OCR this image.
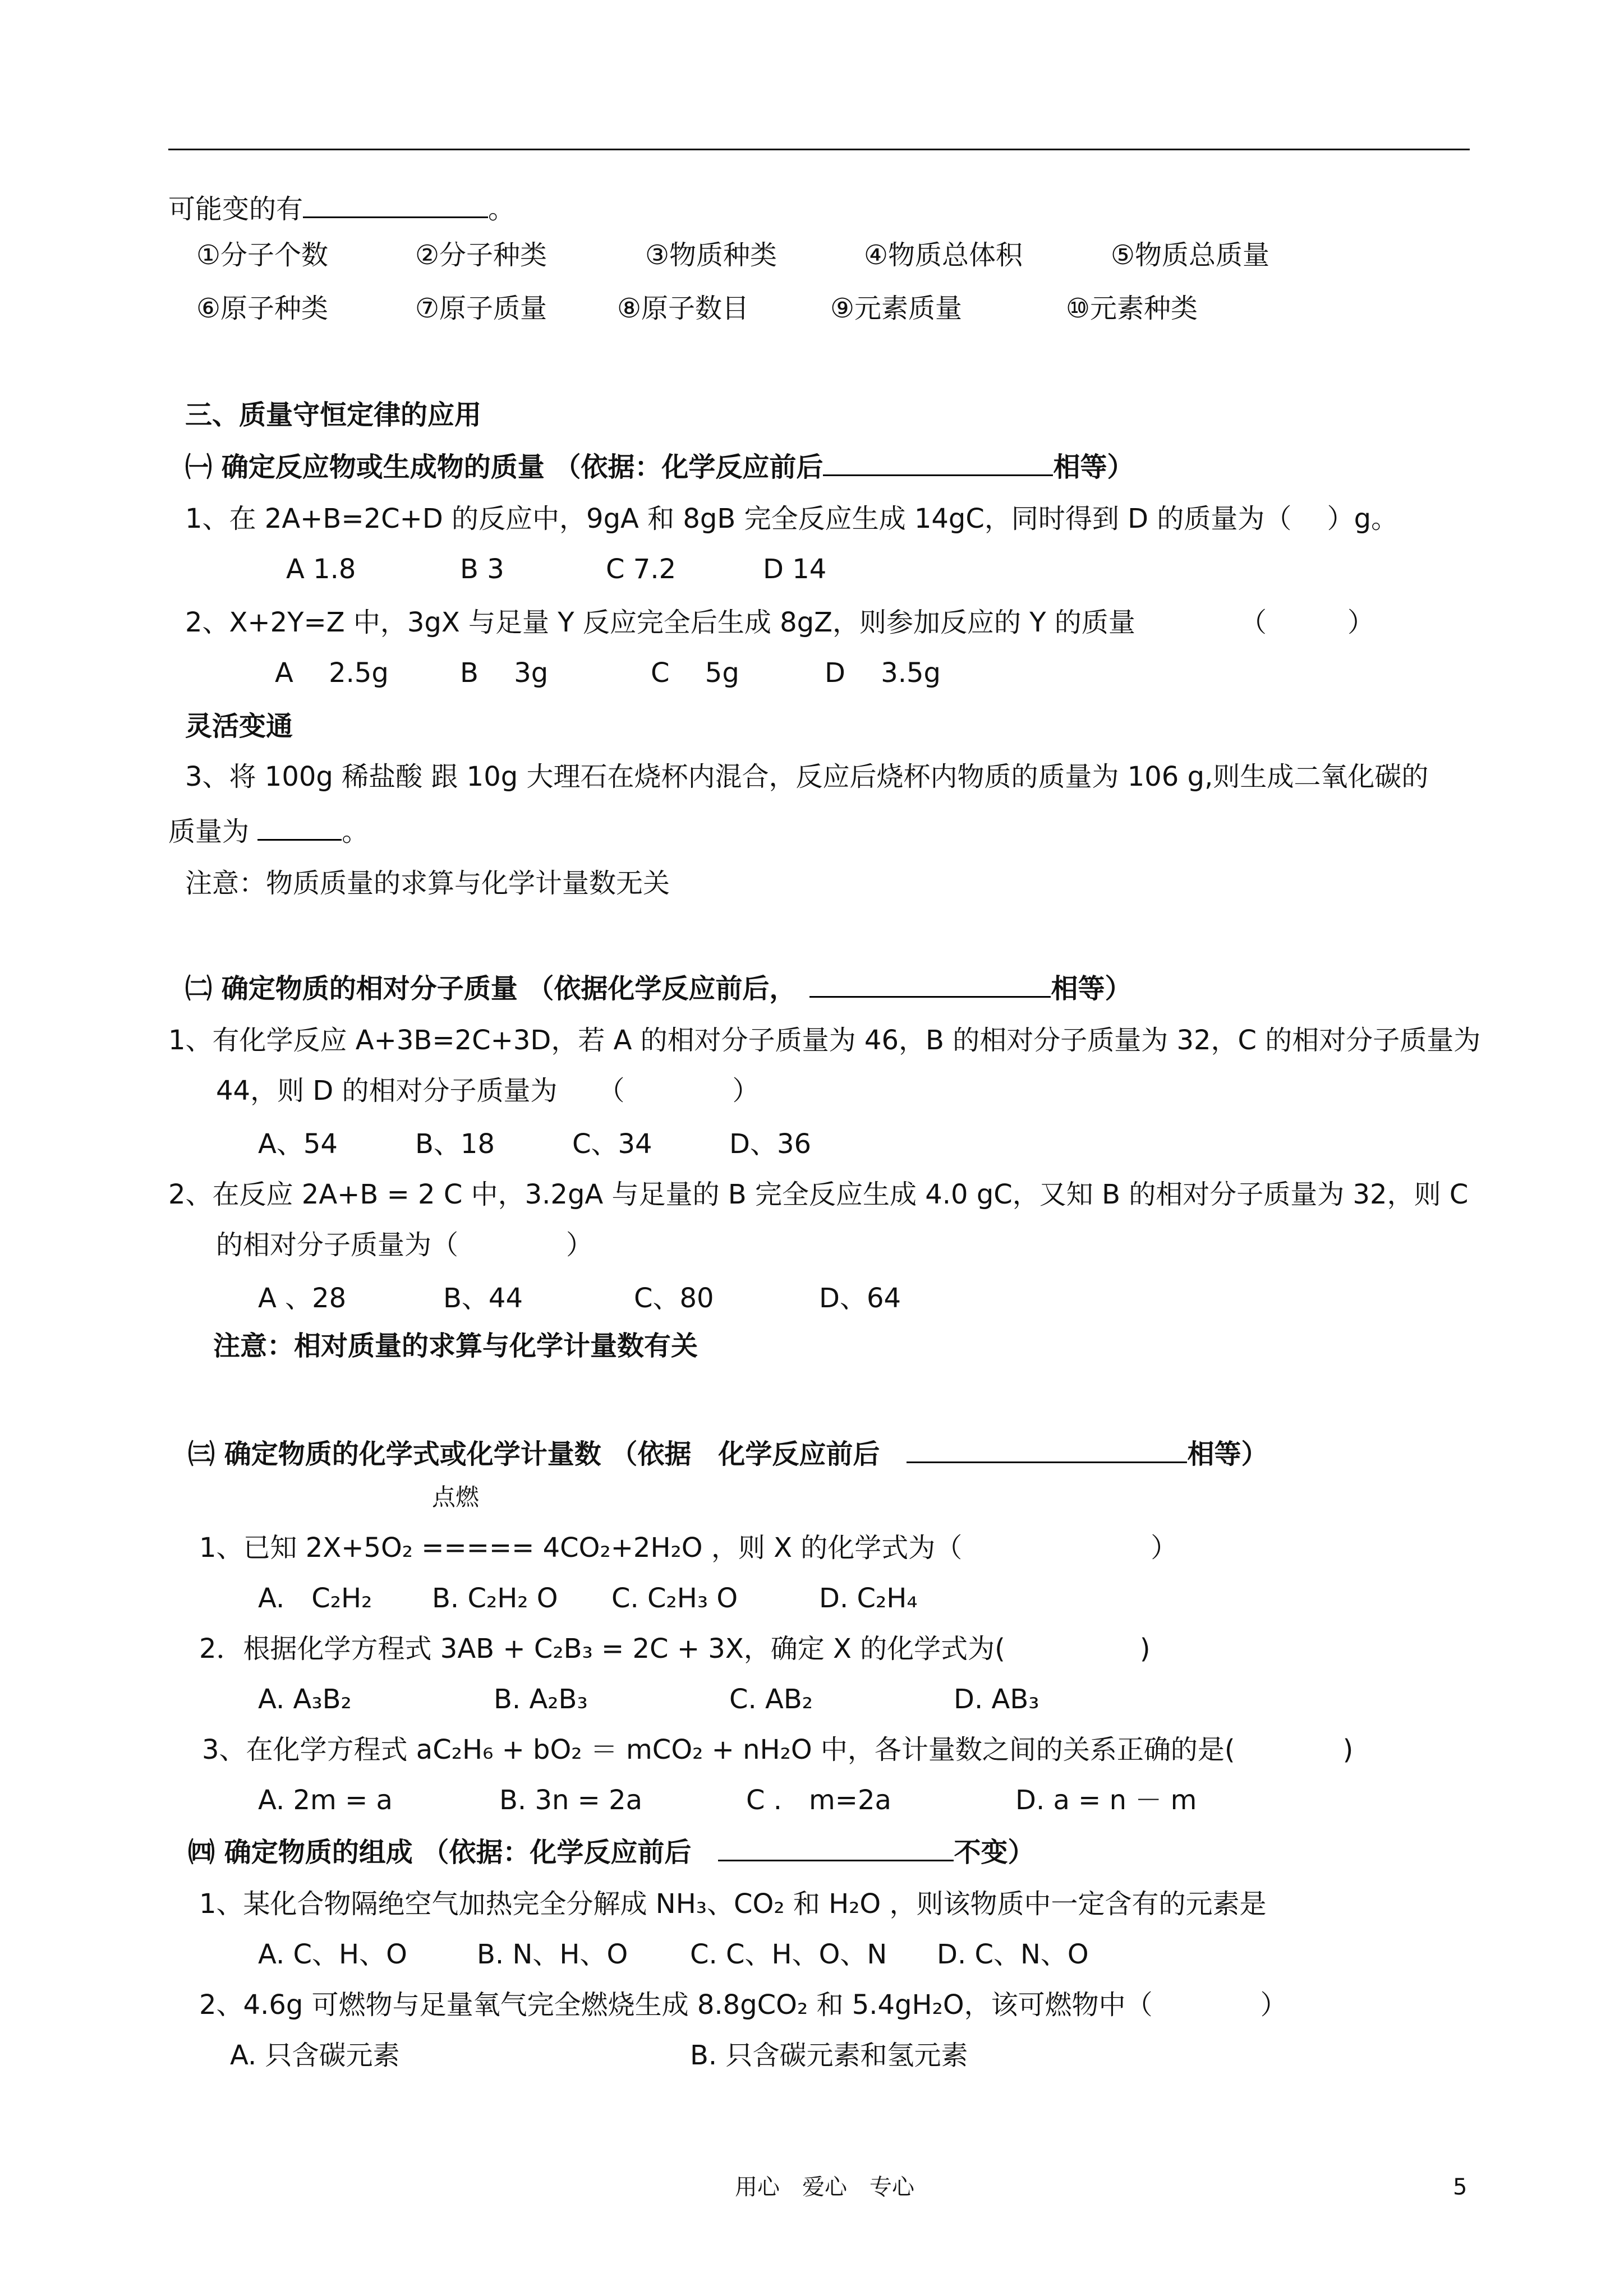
可能变的有	。
①分子个数	②分子种类	③物质种类	④物质总体积	⑤物质总质量
⑥原子种类	⑦原子质量	⑧原子数目	⑨元素质量	⑩元素种类
三、质量守恒定律的应用
㈠ 确定反应物或生成物的质量 （依据：化学反应前后	相等）
1、在 2A+B=2C+D 的反应中，9gA 和 8gB 完全反应生成 14gC，同时得到 D 的质量为（　 ）g。
A 1.8	B 3	C 7.2	D 14
2、X+2Y=Z 中，3gX 与足量 Y 反应完全后生成 8gZ，则参加反应的 Y 的质量	（　　　）
A　 2.5g	B　 3g	C　 5g	D　 3.5g
灵活变通
3、将 100g 稀盐酸 跟 10g 大理石在烧杯内混合，反应后烧杯内物质的质量为 106 g,则生成二氧化碳的
质量为	。
注意：物质质量的求算与化学计量数无关
㈡ 确定物质的相对分子质量 （依据化学反应前后，　	相等）
1、有化学反应 A+3B=2C+3D，若 A 的相对分子质量为 46，B 的相对分子质量为 32，C 的相对分子质量为
44，则 D 的相对分子质量为　　（　　　　）
A、54	B、18	C、34	D、36
2、在反应 2A+B = 2 C 中，3.2gA 与足量的 B 完全反应生成 4.0 gC，又知 B 的相对分子质量为 32，则 C
的相对分子质量为（　　　　）
A 、28	B、44	C、80	D、64
注意：相对质量的求算与化学计量数有关
㈢ 确定物质的化学式或化学计量数 （依据　化学反应前后　	相等）
点燃
1、已知 2X+5O₂ ===== 4CO₂+2H₂O ，则 X 的化学式为（　　　　　　　）
A.　C₂H₂ B. C₂H₂ O C. C₂H₃ O	D. C₂H₄
2．根据化学方程式 3AB + C₂B₃ = 2C + 3X，确定 X 的化学式为(　　　　　)
A. A₃B₂	B. A₂B₃	C. AB₂	D. AB₃
3、在化学方程式 aC₂H₆ + bO₂ ＝ mCO₂ + nH₂O 中，各计量数之间的关系正确的是(　　　　)
A. 2m = a	B. 3n = 2a	C .　m=2a	D. a = n － m
㈣ 确定物质的组成 （依据：化学反应前后　	不变）
1、某化合物隔绝空气加热完全分解成 NH₃、CO₂ 和 H₂O ，则该物质中一定含有的元素是
A. C、H、O	B. N、H、O C. C、H、O、N D. C、N、O
2、4.6g 可燃物与足量氧气完全燃烧生成 8.8gCO₂ 和 5.4gH₂O，该可燃物中（　　　　）
A. 只含碳元素	B. 只含碳元素和氢元素
用心　爱心　专心	5
